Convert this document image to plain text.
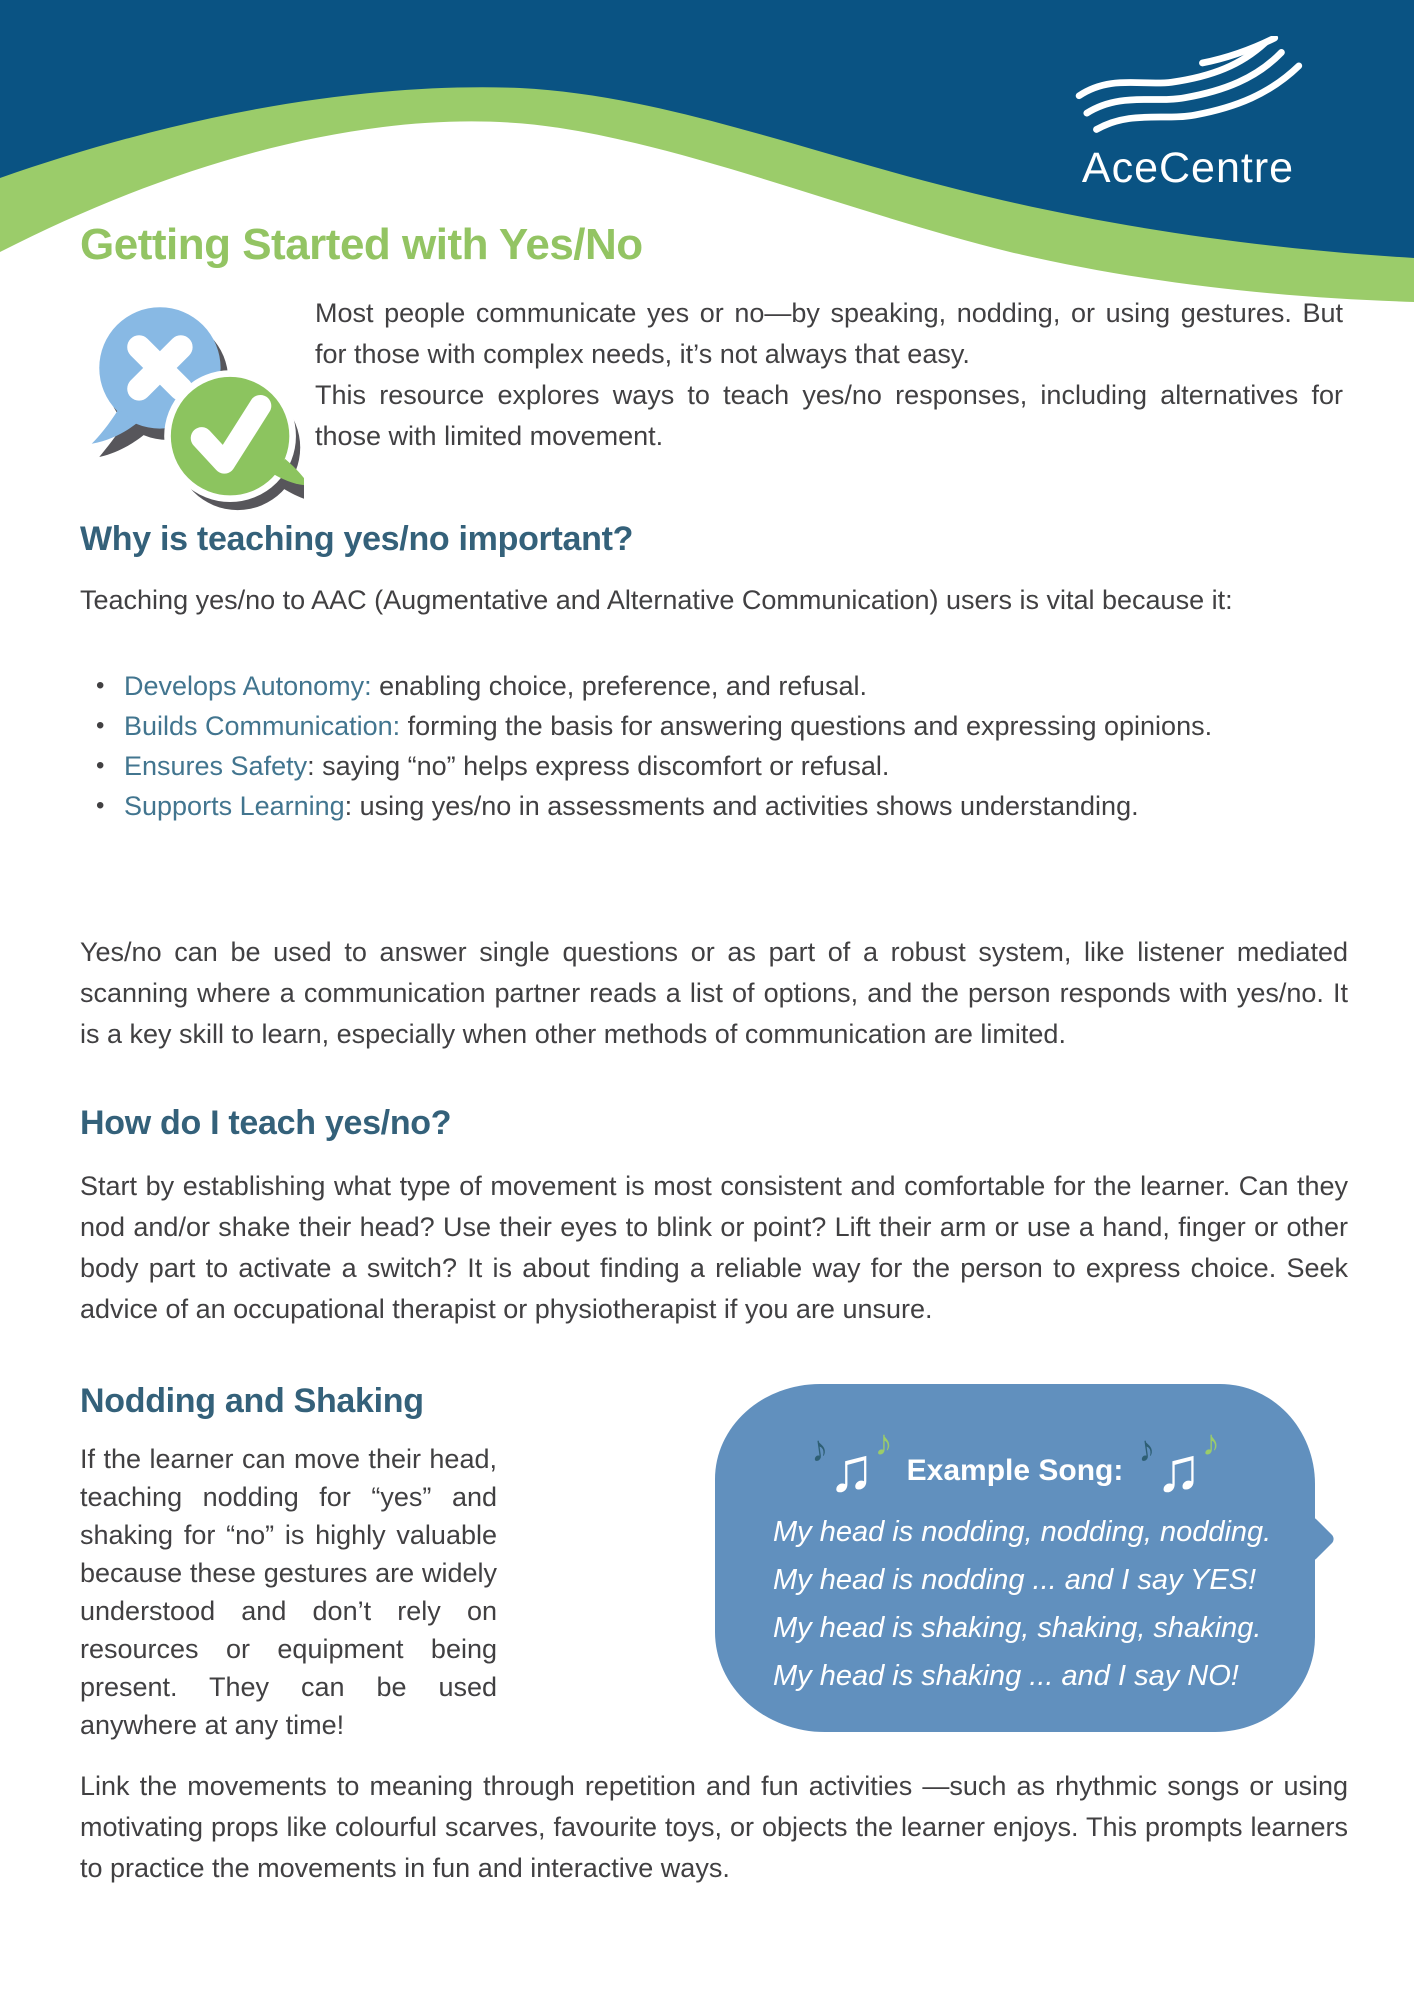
AceCentre
Getting Started with Yes/No

Most people communicate yes or no—by speaking, nodding, or using gestures. But for those with complex needs, it’s not always that easy.

This resource explores ways to teach yes/no responses, including alternatives for those with limited movement.

Why is teaching yes/no important?

Teaching yes/no to AAC (Augmentative and Alternative Communication) users is vital because it:

• Develops Autonomy: enabling choice, preference, and refusal.
• Builds Communication: forming the basis for answering questions and expressing opinions.
• Ensures Safety: saying “no” helps express discomfort or refusal.
• Supports Learning: using yes/no in assessments and activities shows understanding.

Yes/no can be used to answer single questions or as part of a robust system, like listener mediated scanning where a communication partner reads a list of options, and the person responds with yes/no. It is a key skill to learn, especially when other methods of communication are limited.

How do I teach yes/no?

Start by establishing what type of movement is most consistent and comfortable for the learner. Can they nod and/or shake their head? Use their eyes to blink or point? Lift their arm or use a hand, finger or other body part to activate a switch? It is about finding a reliable way for the person to express choice. Seek advice of an occupational therapist or physiotherapist if you are unsure.

Nodding and Shaking

If the learner can move their head, teaching nodding for “yes” and shaking for “no” is highly valuable because these gestures are widely understood and don’t rely on resources or equipment being present. They can be used anywhere at any time!

♪♫♪
Example Song:
♪♫♪
My head is nodding, nodding, nodding.
My head is nodding ... and I say YES!
My head is shaking, shaking, shaking.
My head is shaking ... and I say NO!

Link the movements to meaning through repetition and fun activities —such as rhythmic songs or using motivating props like colourful scarves, favourite toys, or objects the learner enjoys. This prompts learners to practice the movements in fun and interactive ways.
